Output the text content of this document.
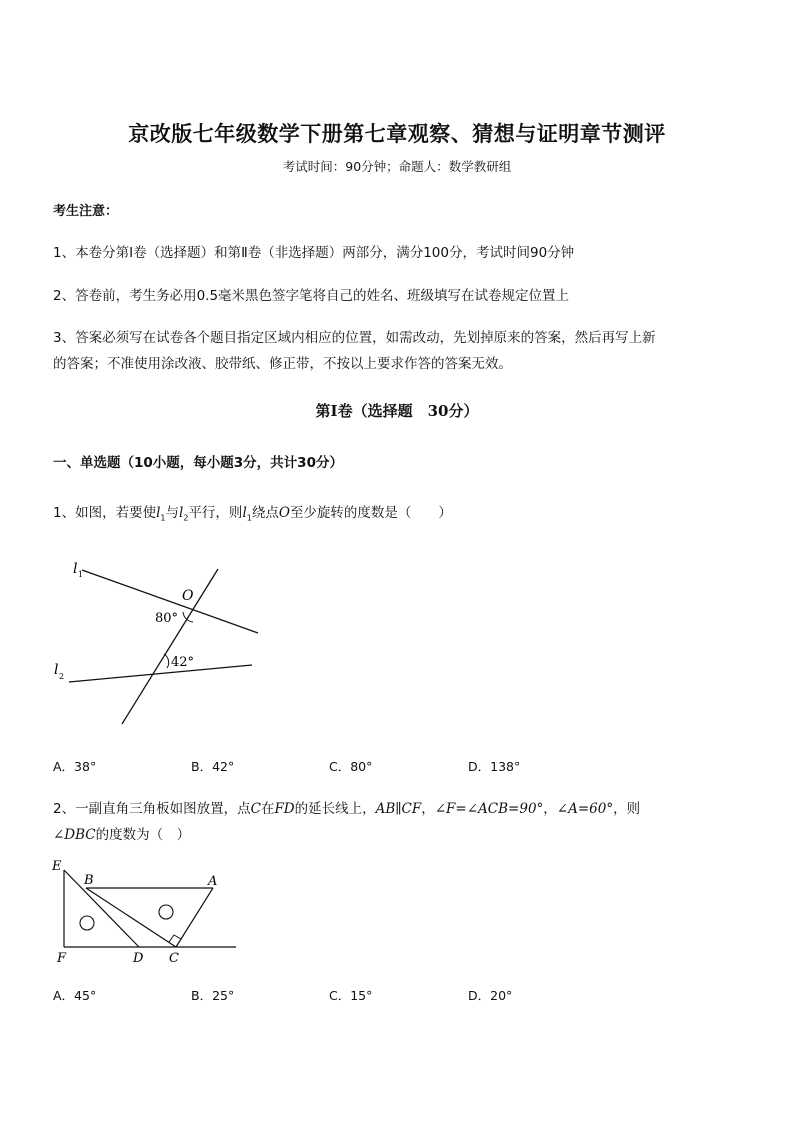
京改版七年级数学下册第七章观察、猜想与证明章节测评
考试时间：90分钟；命题人：数学教研组
考生注意：
1、本卷分第Ⅰ卷（选择题）和第Ⅱ卷（非选择题）两部分，满分100分，考试时间90分钟
2、答卷前，考生务必用0.5毫米黑色签字笔将自己的姓名、班级填写在试卷规定位置上
3、答案必须写在试卷各个题目指定区域内相应的位置，如需改动，先划掉原来的答案，然后再写上新
的答案；不准使用涂改液、胶带纸、修正带，不按以上要求作答的答案无效。
第Ⅰ卷（选择题　30分）
一、单选题（10小题，每小题3分，共计30分）
1、如图，若要使$l_1$与$l_2$平行，则$l_1$绕点O至少旋转的度数是（　　）
l 1
l 2
O
80°
42°
A．38°	B．42°	C．80°	D．138°
2、一副直角三角板如图放置，点C在FD的延长线上，AB∥CF，∠F=∠ACB=90°，∠A=60°，则
∠DBC的度数为（　）
E
B	A
F	D C
A．45°	B．25°	C．15°	D．20°
